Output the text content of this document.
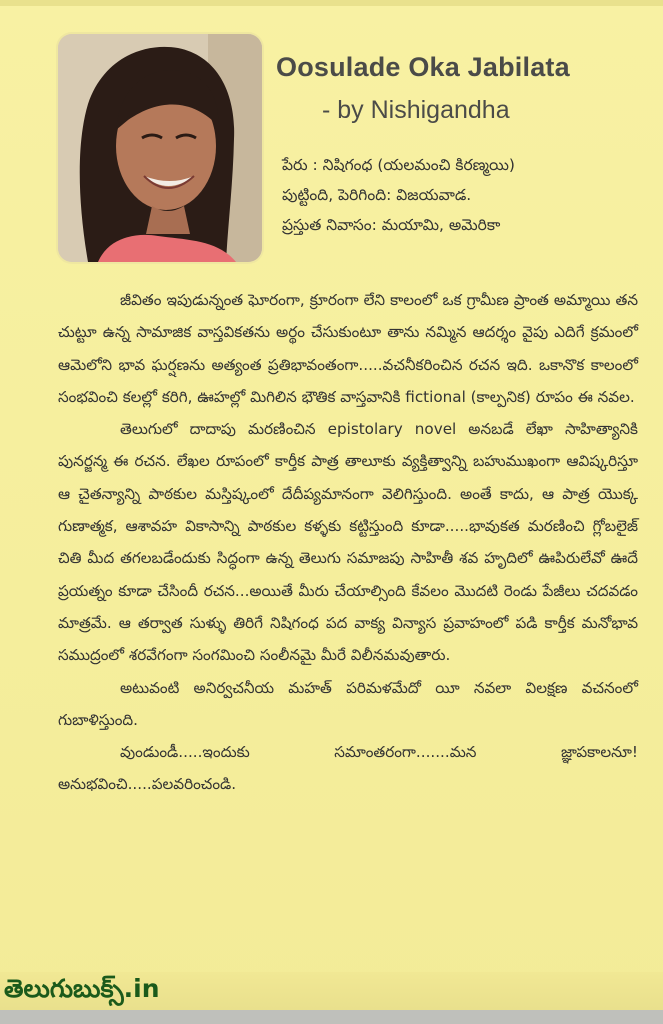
Oosulade Oka Jabilata
- by Nishigandha
పేరు : నిషిగంధ (యలమంచి కిరణ్మయి)
పుట్టింది, పెరిగింది: విజయవాడ.
ప్రస్తుత నివాసం: మయామి, అమెరికా

జీవితం ఇపుడున్నంత ఘోరంగా, క్రూరంగా లేని కాలంలో ఒక గ్రామీణ ప్రాంత అమ్మాయి తన చుట్టూ ఉన్న సామాజిక వాస్తవికతను అర్థం చేసుకుంటూ తాను నమ్మిన ఆదర్శం వైపు ఎదిగే క్రమంలో ఆమెలోని భావ ఘర్షణను అత్యంత ప్రతిభావంతంగా.....వచనీకరించిన రచన ఇది. ఒకానొక కాలంలో సంభవించి కలల్లో కరిగి, ఊహల్లో మిగిలిన భౌతిక వాస్తవానికి fictional (కాల్పనిక) రూపం ఈ నవల.

తెలుగులో దాదాపు మరణించిన epistolary novel అనబడే లేఖా సాహిత్యానికి పునర్జన్మ ఈ రచన. లేఖల రూపంలో కార్తీక పాత్ర తాలూకు వ్యక్తిత్వాన్ని బహుముఖంగా ఆవిష్కరిస్తూ ఆ చైతన్యాన్ని పాఠకుల మస్తిష్కంలో దేదీప్యమానంగా వెలిగిస్తుంది. అంతే కాదు, ఆ పాత్ర యొక్క గుణాత్మక, ఆశావహ వికాసాన్ని పాఠకుల కళ్ళకు కట్టిస్తుంది కూడా.....భావుకత మరణించి గ్లోబలైజ్ చితి మీద తగలబడేందుకు సిద్ధంగా ఉన్న తెలుగు సమాజపు సాహితీ శవ హృదిలో ఊపిరులేవో ఊదే ప్రయత్నం కూడా చేసిందీ రచన...అయితే మీరు చేయాల్సింది కేవలం మొదటి రెండు పేజీలు చదవడం మాత్రమే. ఆ తర్వాత సుళ్ళు తిరిగే నిషిగంధ పద వాక్య విన్యాస ప్రవాహంలో పడి కార్తీక మనోభావ సముద్రంలో శరవేగంగా సంగమించి సంలీనమై మీరే విలీనమవుతారు.

అటువంటి అనిర్వచనీయ మహత్ పరిమళమేదో యీ నవలా విలక్షణ వచనంలో గుబాళిస్తుంది.

వుండుండీ.....ఇందుకు సమాంతరంగా.......మన జ్ఞాపకాలనూ! అనుభవించి.....పలవరించండి.

తెలుగుబుక్స్.in
